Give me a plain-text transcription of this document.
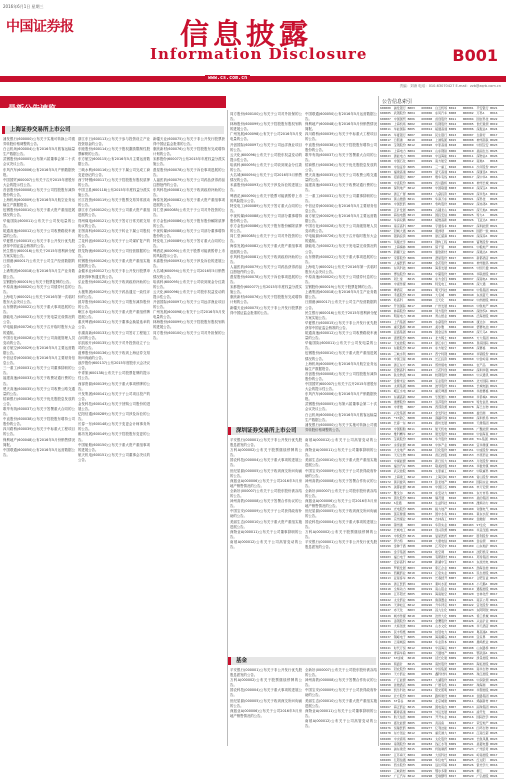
2016年6月1日 星期三
中国证券报	信息披露
Information Disclosure	B001
www.cs.com.cn
责编：刘涛 电话：010-63070427 E-mail：zzb@zqrb.com.cn
最新公告速览
公告信息索引
上海证券交易所上市公司
深圳证券交易所上市公司
基金

浦发银行(600000)公布关于实施可转换公司债券转股价格调整的公告。

白云机场(600004)公布2016年5月旅客运输量生产数据公告。

武钢股份(600005)公布第六届董事会第二十次会议决议公告。

东风汽车(600006)公布2016年5月产销数据快报。

中国国贸(600007)公布关于召开2015年度股东大会的提示性公告。

首创股份(600008)公布关于公司控股股东减持股份的公告。

上海机场(600009)公布2016年5月航空业务运输生产数据报告。

包钢股份(600010)公布关于重大资产重组进展情况的公告。

华能国际(600011)公布关于公司发电量的公告。

皖通高速(600012)公布关于公司收费路段车流量的公告。

华夏银行(600015)公布关于非公开发行优先股获得中国证监会核准的公告。

民生银行(600016)公布关于2015年度利润分配方案实施公告。

日照港(600017)公布关于公司生产经营数据的公告。

上港集团(600018)公布2016年5月生产业务数据公告。

宝钢股份(600019)公布关于股票复牌的公告。

中原高速(600020)公布关于公司债券付息的公告。

上海电力(600021)公布关于2016年第一次临时股东大会决议公告。

山东钢铁(600022)公布关于重大事项进展的公告。

浙能电力(600023)公布关于发电量完成情况的公告。

华电能源(600726)公布关于召开临时股东大会的通知。

中国石化(600028)公布关于公司高级管理人员变动的公告。

南方航空(600029)公布2016年5月主要运营数据公告。

中信证券(600030)公布2016年5月主要财务信息公告。

三一重工(600031)公布关于公司董事辞职的公告。

福建高速(600033)公布关于收费站通行费的公告。

楚天高速(600035)公布关于公司收费公路交通量的公告。

招商银行(600036)公布关于优先股股息发放的公告。

歌华有线(600037)公布关于签署重大合同的公告。

中直股份(600038)公布关于控股股东增持公司股份的公告。

四川路桥(600039)公布关于中标重大工程项目的公告。

保利地产(600048)公布2016年5月份销售情况简报。

中国联通(600050)公布2016年5月运营数据公告。

浙江东日(600113)公布关于参与投资设立产业投资基金的公告。

东睦股份(600114)公布关于股权激励限制性股票解锁的公告。

东方航空(600115)公布2016年5月主要运营数据公告。

三峡水利(600116)公布关于下属公司完成工商变更登记的公告。

西宁特钢(600117)公布关于控股股东股权质押的公告。

中国卫星(600118)公布2015年年度权益分派实施公告。

长江投资(600119)公布关于股票交易异常波动的公告。

浙江东方(600120)公布关于公司重大资产重组进展的公告。

郑州煤电(600121)公布关于签订日常关联交易协议的公告。

宏图高科(600122)公布关于转让下属公司股权的公告。

兰花科创(600123)公布关于子公司煤矿复产的公告。

铁龙物流(600125)公布关于公司经营数据的公告。

杭钢股份(600126)公布关于重大资产重组实施进展的公告。

金健米业(600127)公布关于非公开发行股票申请获得审核通过的公告。

弘业股份(600128)公布关于收到政府补助的公告。

太极集团(600129)公布关于药品通过一致性评价的公告。

波导股份(600130)公布关于公司股东减持股份的公告。

岷江水电(600131)公布关于重大资产重组停牌进展公告。

重庆啤酒(600132)公布关于董事会换届选举的公告。

东湖高新(600133)公布关于公司签订工程施工合同的公告。

乐凯胶片(600135)公布关于对外投资设立子公司的公告。

道博股份(600136)公布关于收到上海证券交易所问询函的公告。

浪莎股份(600137)公布2015年度股东大会决议公告。

中青旅(600138)公布关于公司股票复牌的提示性公告。

西部资源(600139)公布关于重大事项停牌的公告。

兴发集团(600141)公布关于子公司项目投产的公告。

金发科技(600143)公布关于回购公司股份的进展公告。

亿阳信通(600289)公布关于公司涉及诉讼的公告。

长春一东(600148)公布关于变更会计师事务所的公告。

廊坊发展(600149)公布关于控股股东变更的公告。

中国船舶(600150)公布关于重大资产重组事项的进展公告。

航天机电(600151)公布关于公司董事会决议的公告。

新疆天业(600075)公布关于非公开发行股票获得中国证监会批准的公告。

康欣新材(600076)公布关于控股股东完成增持计划的公告。

宋都股份(600077)公布2015年年度权益分派实施公告。

澄星股份(600078)公布关于诉讼事项进展的公告。

人福医药(600079)公布关于公司药品获得药品注册批件的公告。

东风科技(600081)公布关于收到政府补助的公告。

海泰发展(600082)公布关于重大资产重组事项进展的公告。

同仁堂(600085)公布关于子公司对外投资的公告。

东方金钰(600086)公布关于股东股份解除质押的公告。

中视传媒(600088)公布关于公司部分董事增持股份的公告。

特变电工(600089)公布关于签订重大合同的公告。

啤酒花(600090)公布关于股票可能被暂停上市的风险提示公告。

禾嘉股份(600093)公布关于涉及诉讼的进展公告。

大名城(600094)公布关于公司2016年5月销售情况的公告。

哈高科(600095)公布关于公司收到现金分红款的公告。

云天化(600096)公布关于公司股东权益变动的提示性公告。

开创国际(600097)公布关于公司远洋渔业项目的公告。

广州发展(600098)公布关于公司2016年5月发电量的公告。

林海股份(600099)公布关于控股股东股权划转的进展公告。

同方股份(600100)公布关于公司对外担保的公告。

同方股份(600100)公布关于公司对外担保的公告。

林海股份(600099)公布关于控股股东股权划转的进展公告。

广州发展(600098)公布关于公司2016年5月发电量的公告。

开创国际(600097)公布关于公司远洋渔业项目的公告。

云天化(600096)公布关于公司股东权益变动的提示性公告。

哈高科(600095)公布关于公司收到现金分红款的公告。

大名城(600094)公布关于公司2016年5月销售情况的公告。

禾嘉股份(600093)公布关于涉及诉讼的进展公告。

啤酒花(600090)公布关于股票可能被暂停上市的风险提示公告。

特变电工(600089)公布关于签订重大合同的公告。

中视传媒(600088)公布关于公司部分董事增持股份的公告。

东方金钰(600086)公布关于股东股份解除质押的公告。

同仁堂(600085)公布关于子公司对外投资的公告。

海泰发展(600082)公布关于重大资产重组事项进展的公告。

东风科技(600081)公布关于收到政府补助的公告。

人福医药(600079)公布关于公司药品获得药品注册批件的公告。

澄星股份(600078)公布关于诉讼事项进展的公告。

宋都股份(600077)公布2015年年度权益分派实施公告。

康欣新材(600076)公布关于控股股东完成增持计划的公告。

新疆天业(600075)公布关于非公开发行股票获得中国证监会批准的公告。

中国联通(600050)公布2016年5月运营数据公告。

保利地产(600048)公布2016年5月份销售情况简报。

四川路桥(600039)公布关于中标重大工程项目的公告。

中直股份(600038)公布关于控股股东增持公司股份的公告。

歌华有线(600037)公布关于签署重大合同的公告。

招商银行(600036)公布关于优先股股息发放的公告。

楚天高速(600035)公布关于公司收费公路交通量的公告。

福建高速(600033)公布关于收费站通行费的公告。

三一重工(600031)公布关于公司董事辞职的公告。

中信证券(600030)公布2016年5月主要财务信息公告。

南方航空(600029)公布2016年5月主要运营数据公告。

中国石化(600028)公布关于公司高级管理人员变动的公告。

华电能源(600726)公布关于召开临时股东大会的通知。

浙能电力(600023)公布关于发电量完成情况的公告。

山东钢铁(600022)公布关于重大事项进展的公告。

上海电力(600021)公布关于2016年第一次临时股东大会决议公告。

中原高速(600020)公布关于公司债券付息的公告。

宝钢股份(600019)公布关于股票复牌的公告。

上港集团(600018)公布2016年5月生产业务数据公告。

日照港(600017)公布关于公司生产经营数据的公告。

民生银行(600016)公布关于2015年度利润分配方案实施公告。

华夏银行(600015)公布关于非公开发行优先股获得中国证监会核准的公告。

皖通高速(600012)公布关于公司收费路段车流量的公告。

华能国际(600011)公布关于公司发电量的公告。

包钢股份(600010)公布关于重大资产重组进展情况的公告。

上海机场(600009)公布2016年5月航空业务运输生产数据报告。

首创股份(600008)公布关于公司控股股东减持股份的公告。

中国国贸(600007)公布关于召开2015年度股东大会的提示性公告。

东风汽车(600006)公布2016年5月产销数据快报。

武钢股份(600005)公布第六届董事会第二十次会议决议公告。

白云机场(600004)公布2016年5月旅客运输量生产数据公告。

浦发银行(600000)公布关于实施可转换公司债券转股价格调整的公告。

平安银行(000001)公布关于非公开发行优先股股息派发的公告。

万科A(000002)公布关于股票继续停牌的公告。

国农科技(000004)公布关于重大事项的进展公告。

世纪星源(000005)公布关于收到深交所问询函的公告。

深振业A(000006)公布关于公司2016年5月房地产销售情况的公告。

全新好(000007)公布关于公司股东股份被冻结的公告。

神州高铁(000008)公布关于签署合作协议的公告。

中国宝安(000009)公布关于子公司获得政府补助的公告。

美丽生态(000010)公布关于重大资产重组实施进展公告。

深物业A(000011)公布关于公司董事辞职的公告。

南玻A(000012)公布关于公司高管变动的公告。

南玻A(000012)公布关于公司高管变动的公告。

深物业A(000011)公布关于公司董事辞职的公告。

美丽生态(000010)公布关于重大资产重组实施进展公告。

中国宝安(000009)公布关于子公司获得政府补助的公告。

神州高铁(000008)公布关于签署合作协议的公告。

全新好(000007)公布关于公司股东股份被冻结的公告。

深振业A(000006)公布关于公司2016年5月房地产销售情况的公告。

世纪星源(000005)公布关于收到深交所问询函的公告。

国农科技(000004)公布关于重大事项的进展公告。

万科A(000002)公布关于股票继续停牌的公告。

平安银行(000001)公布关于非公开发行优先股股息派发的公告。

平安银行(000001)公布关于非公开发行优先股股息派发的公告。

万科A(000002)公布关于股票继续停牌的公告。

国农科技(000004)公布关于重大事项的进展公告。

世纪星源(000005)公布关于收到深交所问询函的公告。

深振业A(000006)公布关于公司2016年5月房地产销售情况的公告。

全新好(000007)公布关于公司股东股份被冻结的公告。

神州高铁(000008)公布关于签署合作协议的公告。

中国宝安(000009)公布关于子公司获得政府补助的公告。

美丽生态(000010)公布关于重大资产重组实施进展公告。

深物业A(000011)公布关于公司董事辞职的公告。

南玻A(000012)公布关于公司高管变动的公告。

600000 浦发银行 B003	600004 白云机场 B012	000001 平安银行 B021
600005 武钢股份 B004	600006 东风汽车 B008	000002 万科A	B016
600007 中国国贸 B006	600008 首创股份 B011	000004 国农科技 B022
600009 上海机场 B002	600010 包钢股份 B014	000005 世纪星源 B019
600011 华能国际 B005	600012 皖通高速 B009	000006 深振业A B024
600015 华夏银行 B007	600016 民生银行 B013	000007 全新好	B017
600017 日照港	B010	600018 上港集团 B015	000008 神州高铁 B020
600019 宝钢股份 B012	600020 中原高速 B018	000009 中国宝安 B023
600021 上海电力 B004	600022 山东钢铁 B006	000010 美丽生态 B025
600023 浙能电力 B009	600026 中远海能 B011	000011 深物业A B026
600028 中国石化 B003	600029 南方航空 B008	000012 南玻A	B018
600030 中信证券 B005	600031 三一重工 B010	000014 沙河股份 B027
600033 福建高速 B002	600035 楚天高速 B014	000016 深康佳A B021
600036 招商银行 B007	600037 歌华有线 B013	000017 深中华A B016
600038 中直股份 B006	600039 四川路桥 B015	000018 神州长城 B022
600048 保利地产 B012	600050 中国联通 B003	000019 深深宝A B024
600052 浙江广厦 B008	600053 九鼎投资 B017	000020 深华发A B019
600054 黄山旅游 B011	600055 华润万东 B004	000021 深科技	B025
600056 中国医药 B009	600057 象屿股份 B010	000022 深赤湾A B023
600058 五矿发展 B005	600059 古越龙山 B014	000023 深天地A B020
600060 海信电器 B013	600061 国投安信 B006	000025 特力A	B026
600062 华润双鹤 B002	600063 皖维高新 B018	000026 飞亚达A B017
600064 南京高科 B007	600066 宇通客车 B012	000027 深圳能源 B021
600067 冠城大通 B015	600068 葛洲坝	B003	000028 国药一致 B016
600069 银鸽投资 B009	600070 浙江富润 B011	000029 深深房A B022
600071 凤凰光学 B004	600072 钢构工程 B014	000030 富奥股份 B024
600073 上海梅林 B008	600074 保千里	B010	000031 中粮地产 B019
600075 新疆天业 B005	600076 康欣新材 B013	000032 深桑达A B025
600077 宋都股份 B006	600078 澄星股份 B017	000033 新都酒店 B023
600079 人福医药 B012	600080 金花股份 B002	000034 神州数码 B020
600081 东风科技 B003	600082 海泰发展 B018	000035 中国天楹 B026
600083 博信股份 B011	600084 中葡股份 B007	000036 华联控股 B017
600085 同仁堂	B015	600086 东方金钰 B009	000037 深南电A B021
600088 中视传媒 B004	600089 特变电工 B014	000038 深大通	B016
600090 啤酒花	B010	600091 明天科技 B008	000039 中集集团 B022
600093 禾嘉股份 B013	600094 大名城	B005	000040 东旭蓝天 B024
600095 哈高科	B006	600096 云天化	B012	000042 中洲控股 B019
600097 开创国际 B017	600098 广州发展 B011	000043 中航地产 B025
600099 林海股份 B002	600100 同方股份 B003	000045 深纺织A B023
600101 明星电力 B018	600103 青山纸业 B009	000046 泛海控股 B020
600104 上汽集团 B007	600105 永鼎股份 B015	000048 康达尔	B026
600106 重庆路桥 B010	600107 美尔雅	B004	000049 德赛电池 B017
600108 亚盛集团 B014	600109 国金证券 B008	000050 深天马A B021
600110 诺德股份 B005	600111 北方稀土 B013	000055 方大集团 B016
600112 天成控股 B011	600113 浙江东日 B006	000056 皇庭国际 B022
600114 东睦股份 B012	600115 东方航空 B017	000058 深赛格	B024
600116 三峡水利 B003	600117 西宁特钢 B002	000059 华锦股份 B019
600118 中国卫星 B018	600119 长江投资 B009	000060 中金岭南 B025
600120 浙江东方 B015	600121 郑州煤电 B007	000061 农产品	B023
600122 宏图高科 B004	600123 兰花科创 B010	000062 深圳华强 B020
600125 铁龙物流 B014	600126 杭钢股份 B008	000063 中兴通讯 B026
600127 金健米业 B005	600128 弘业股份 B013	000065 北方国际 B017
600129 太极集团 B006	600130 波导股份 B011	000066 长城电脑 B021
600131 岷江水电 B012	600132 重庆啤酒 B017	000068 华控赛格 B016
600133 东湖高新 B002	600135 乐凯胶片 B003	000069 华侨城A B022
600136 道博股份 B009	600137 浪莎股份 B018	000070 特发信息 B024
600138 中青旅	B007	600139 西部资源 B015	000078 海王生物 B019
600141 兴发集团 B010	600143 金发科技 B004	000088 盐田港	B025
600145 *ST新亿 B008	600146 商赢环球 B014	000089 深圳机场 B023
600148 长春一东 B013	600149 廊坊发展 B005	000090 天健集团 B020
600150 中国船舶 B011	600151 航天机电 B006	000096 广聚能源 B026
600152 维科精华 B017	600153 建发股份 B012	000099 中信海直 B017
600155 宝硕股份 B003	600156 华升股份 B002	000100 TCL集团 B021
600157 永泰能源 B018	600158 中体产业 B009	000150 宜华健康 B016
600159 大龙地产 B015	600160 巨化股份 B007	000151 中成股份 B022
600161 天坛生物 B004	600162 香江控股 B010	000153 丰原药业 B024
600163 中闽能源 B008	600165 新日恒力 B014	000155 川化股份 B019
600166 福田汽车 B005	600167 联美控股 B013	000156 华数传媒 B025
600168 武汉控股 B006	600169 太原重工 B011	000157 中联重科 B023
600170 上海建工 B012	600171 上海贝岭 B017	000158 常山股份 B020
600172 黄河旋风 B003	600173 卧龙地产 B002	000159 国际实业 B026
600175 美都能源 B018	600176 中国巨石 B009	000166 申万宏源 B017
600177 雅戈尔	B015	600178 东安动力 B007	000301 东方市场 B021
600179 黑化股份 B004	600180 瑞茂通	B010	000333 美的集团 B016
600182 S佳通	B008	600183 生益科技 B014	000338 潍柴动力 B022
600184 光电股份 B005	600185 格力地产 B013	000400 许继电气 B024
600186 莲花健康 B006	600187 国中水务 B011	000401 冀东水泥 B019
600188 兖州煤业 B012	600189 吉林森工 B017	000402 金融街	B025
600190 锦州港	B003	600191 华资实业 B002	000403 ST生化	B023
600192 长城电工 B018	600193 创兴资源 B009	000404 华意压缩 B020
600195 中牧股份 B015	600196 复星医药 B007	000407 胜利股份 B026
600197 伊力特	B004	600198 大唐电信 B010	000408 金谷源	B017
600199 金种子酒 B008	600200 江苏吴中 B014	000409 山东地矿 B021
600201 金宇集团 B005	600202 哈空调	B013	000410 沈阳机床 B016
600203 福日电子 B006	600206 有研新材 B011	000411 英特集团 B022
600207 安彩高科 B012	600208 新湖中宝 B017	000413 东旭光电 B024
600209 罗顿发展 B003	600210 紫江企业 B002	000415 渤海金控 B019
600211 西藏药业 B018	600212 江泉实业 B009	000416 民生控股 B025
600213 亚星客车 B015	600215 长春经开 B007	000417 合肥百货 B023
600216 浙江医药 B004	600217 秦岭水泥 B010	000418 小天鹅A B020
600218 全柴动力 B008	600219 南山铝业 B014	000419 通程控股 B026
600220 江苏阳光 B005	600221 海南航空 B013	000420 吉林化纤 B017
600222 太龙药业 B006	600223 鲁商置业 B011	000421 南京公用 B021
600225 天津松江 B012	600226 升华拜克 B017	000422 宜化股份 B016
600227 赤天化	B003	600228 昌九生化 B002	000423 东阿阿胶 B022
600229 城市传媒 B018	600230 沧州大化 B009	000425 徐工机械 B024
600231 凌钢股份 B015	600232 金鹰股份 B007	000426 兴业矿业 B019
600233 大杨创世 B004	600234 山水文化 B010	000428 华天酒店 B025
600235 民丰特纸 B008	600236 桂冠电力 B014	000429 粤高速A B023
600237 铜峰电子 B005	600238 海南椰岛 B013	000430 张家界	B020
600239 云南城投 B006	600240 华业资本 B011	000488 晨鸣纸业 B026
600241 时代万恒 B012	600242 中昌海运 B017	000498 山东路桥 B017
600243 青海华鼎 B003	600246 万通地产 B002	000501 鄂武商A B021
600247 ST成城	B018	600248 延长化建 B009	000502 绿景控股 B016
600249 两面针	B015	600250 南纺股份 B007	000503 海虹控股 B022
600251 冠农股份 B004	600252 中恒集团 B010	000504 南华生物 B024
600253 天方药业 B008	600255 鑫科材料 B014	000505 珠江控股 B019
600256 广汇能源 B005	600257 大湖股份 B013	000506 中润资源 B025
600258 首旅酒店 B006	600259 广晟有色 B011	000507 珠海港	B023
600260 凯乐科技 B012	600261 阳光照明 B017	000509 华塑控股 B020
600262 北方股份 B003	600263 路桥建设 B002	000510 金路集团 B026
600265 ST景谷	B018	600266 北京城建 B009	000511 烯碳新材 B017
600267 海正药业 B015	600268 国电南自 B007	000513 丽珠集团 B021
600269 赣粤高速 B004	600270 外运发展 B010	000514 渝开发	B016
600271 航天信息 B008	600272 开开实业 B014	000516 国际医学 B022
600273 嘉化能源 B005	600275 武昌鱼	B013	000517 荣安地产 B024
600276 恒瑞医药 B006	600277 亿利洁能 B011	000518 四环生物 B019
600278 东方创业 B012	600279 重庆港九 B017	000519 江南红箭 B025
600280 中央商场 B003	600281 太化股份 B002	000520 长航凤凰 B023
600282 南钢股份 B018	600283 钱江水利 B009	000521 美菱电器 B020
600284 浦东建设 B015	600285 羚锐制药 B007	000523 广州浪奇 B026
600287 江苏舜天 B004	600288 大恒科技 B010	000524 岭南控股 B017
600289 亿阳信通 B008	600290 华仪电气 B014	000525 红太阳	B021
600291 西水股份 B005	600292 远达环保 B013	000526 紫光学大 B016
600293 三峡新材 B006	600295 鄂尔多斯 B011	000528 柳工	B022
600297 广汇汽车 B012	600298 安琪酵母 B017	000529 广弘控股 B024
